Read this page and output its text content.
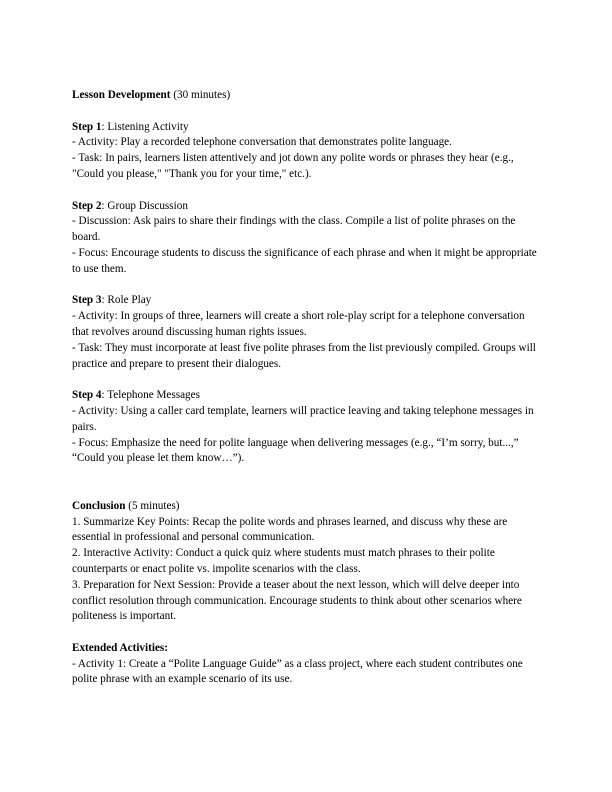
Lesson Development (30 minutes)

Step 1: Listening Activity

- Activity: Play a recorded telephone conversation that demonstrates polite language.

- Task: In pairs, learners listen attentively and jot down any polite words or phrases they hear (e.g., "Could you please," "Thank you for your time," etc.).

Step 2: Group Discussion

- Discussion: Ask pairs to share their findings with the class. Compile a list of polite phrases on the board.

- Focus: Encourage students to discuss the significance of each phrase and when it might be appropriate to use them.

Step 3: Role Play

- Activity: In groups of three, learners will create a short role-play script for a telephone conversation that revolves around discussing human rights issues.

- Task: They must incorporate at least five polite phrases from the list previously compiled. Groups will practice and prepare to present their dialogues.

Step 4: Telephone Messages

- Activity: Using a caller card template, learners will practice leaving and taking telephone messages in pairs.

- Focus: Emphasize the need for polite language when delivering messages (e.g., “I’m sorry, but...,” “Could you please let them know…”).

Conclusion (5 minutes)

1. Summarize Key Points: Recap the polite words and phrases learned, and discuss why these are essential in professional and personal communication.

2. Interactive Activity: Conduct a quick quiz where students must match phrases to their polite counterparts or enact polite vs. impolite scenarios with the class.

3. Preparation for Next Session: Provide a teaser about the next lesson, which will delve deeper into conflict resolution through communication. Encourage students to think about other scenarios where politeness is important.

Extended Activities:

- Activity 1: Create a “Polite Language Guide” as a class project, where each student contributes one polite phrase with an example scenario of its use.
